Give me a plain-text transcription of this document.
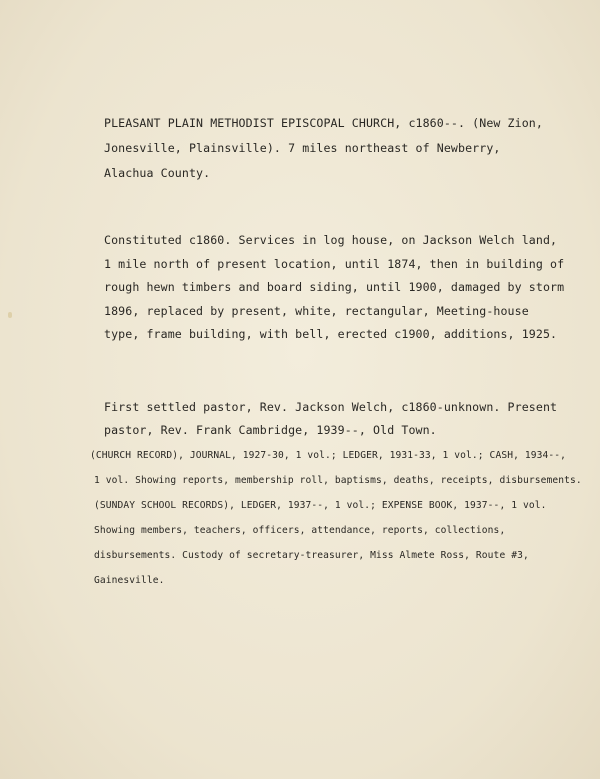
PLEASANT PLAIN METHODIST EPISCOPAL CHURCH, c1860--. (New Zion,
Jonesville, Plainsville). 7 miles northeast of Newberry,
Alachua County.
Constituted c1860. Services in log house, on Jackson Welch land,
1 mile north of present location, until 1874, then in building of
rough hewn timbers and board siding, until 1900, damaged by storm
1896, replaced by present, white, rectangular, Meeting-house
type, frame building, with bell, erected c1900, additions, 1925.
First settled pastor, Rev. Jackson Welch, c1860-unknown. Present
pastor, Rev. Frank Cambridge, 1939--, Old Town.
(CHURCH RECORD), JOURNAL, 1927-30, 1 vol.; LEDGER, 1931-33, 1 vol.; CASH, 1934--,
1 vol. Showing reports, membership roll, baptisms, deaths, receipts, disbursements.
(SUNDAY SCHOOL RECORDS), LEDGER, 1937--, 1 vol.; EXPENSE BOOK, 1937--, 1 vol.
Showing members, teachers, officers, attendance, reports, collections,
disbursements. Custody of secretary-treasurer, Miss Almete Ross, Route #3,
Gainesville.
